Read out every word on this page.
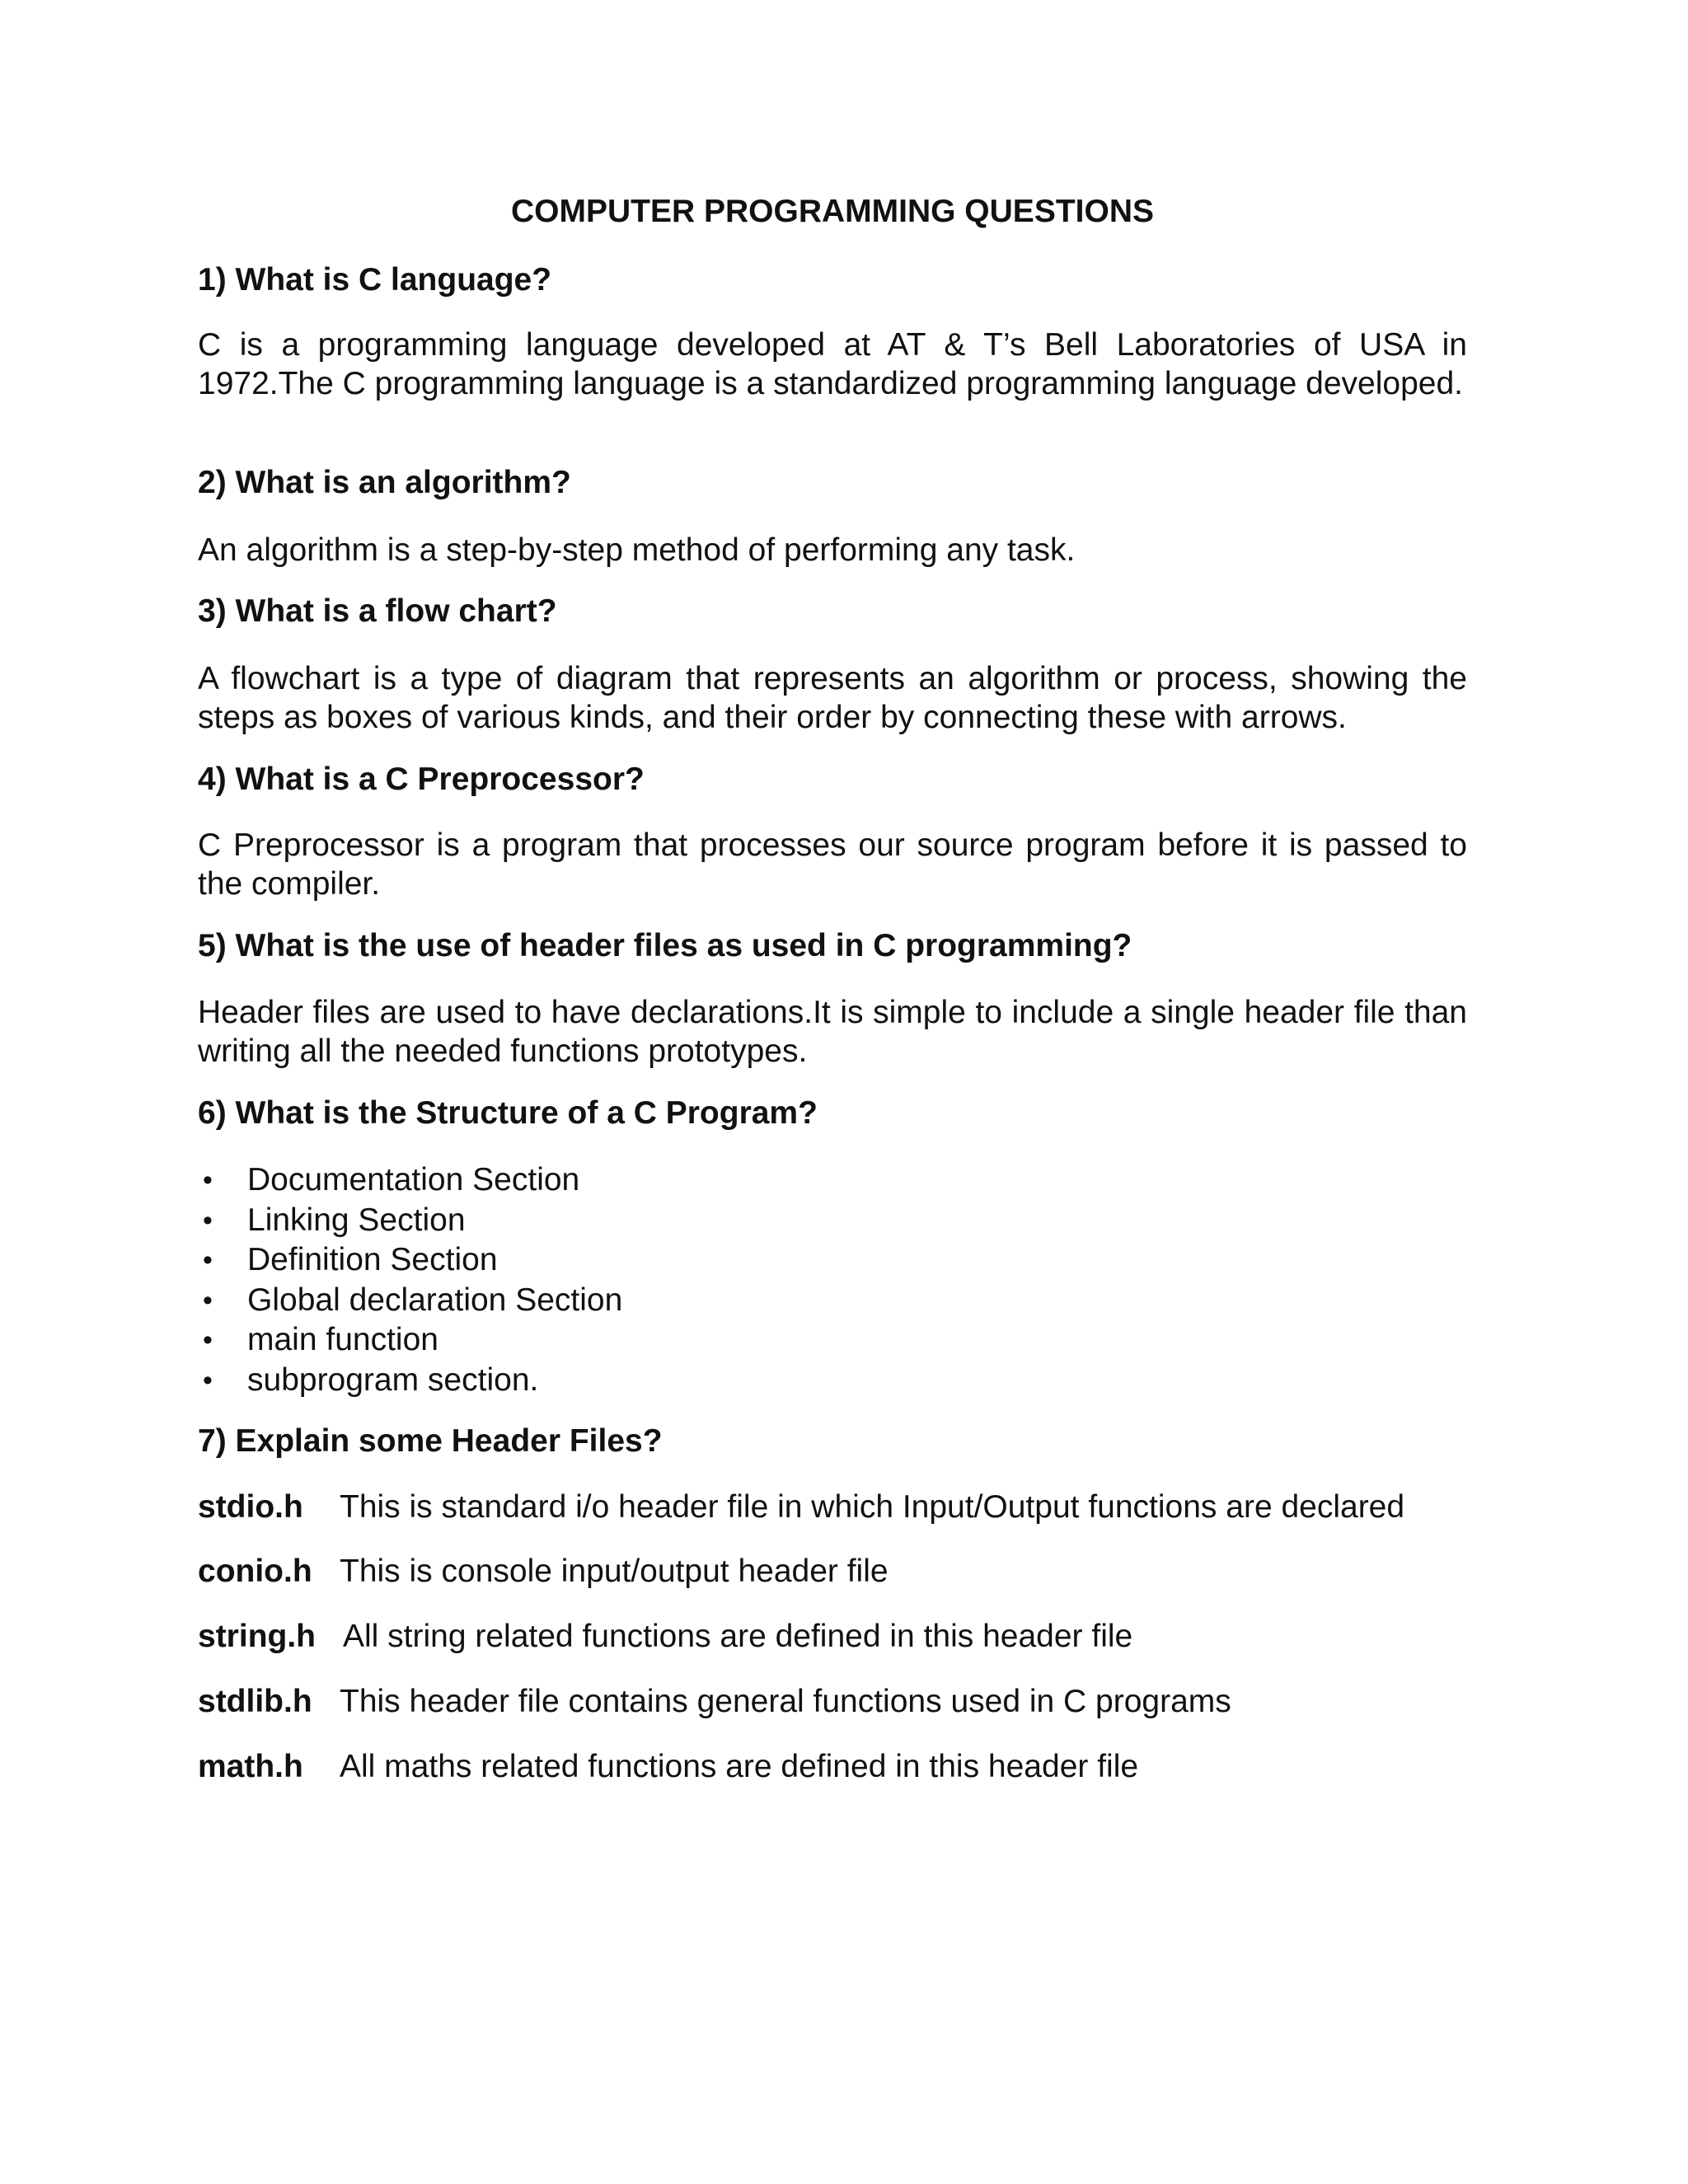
COMPUTER PROGRAMMING QUESTIONS

1) What is C language?

C is a programming language developed at AT & T’s Bell Laboratories of USA in 1972.The C programming language is a standardized programming language developed.

2) What is an algorithm?

An algorithm is a step-by-step method of performing any task.

3) What is a flow chart?

A flowchart is a type of diagram that represents an algorithm or process, showing the steps as boxes of various kinds, and their order by connecting these with arrows.

4) What is a C Preprocessor?

C Preprocessor is a program that processes our source program before it is passed to the compiler.

5) What is the use of header files as used in C programming?

Header files are used to have declarations.It is simple to include a single header file than writing all the needed functions prototypes.

6) What is the Structure of a C Program?

• Documentation Section
• Linking Section
• Definition Section
• Global declaration Section
• main function
• subprogram section.

7) Explain some Header Files?

stdio.h This is standard i/o header file in which Input/Output functions are declared
conio.h This is console input/output header file
string.h All string related functions are defined in this header file
stdlib.h This header file contains general functions used in C programs
math.h All maths related functions are defined in this header file
